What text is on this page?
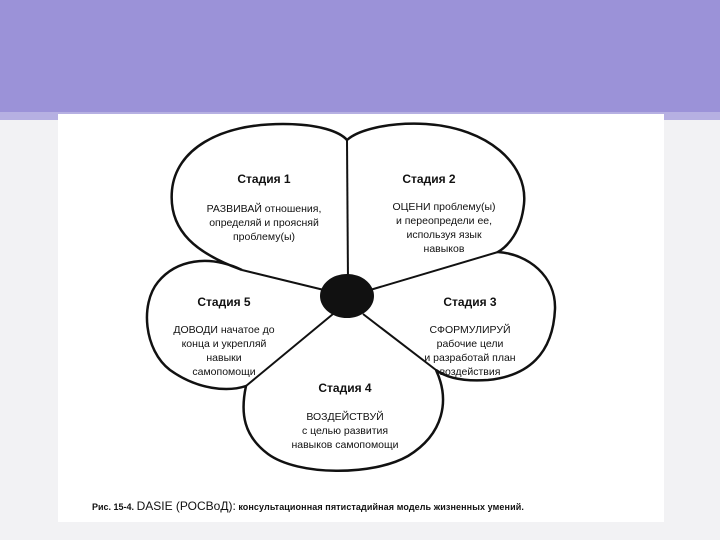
Стадия 1
РАЗВИВАЙ отношения,
определяй и проясняй
проблему(ы)
Стадия 2
ОЦЕНИ проблему(ы)
и переопредели ее,
используя язык
навыков
Стадия 3
СФОРМУЛИРУЙ
рабочие цели
и разработай план
воздействия
Стадия 4
ВОЗДЕЙСТВУЙ
с целью развития
навыков самопомощи
Стадия 5
ДОВОДИ начатое до
конца и укрепляй
навыки
самопомощи
Рис. 15-4. DASIE (РОСВоД): консультационная пятистадийная модель жизненных умений.
